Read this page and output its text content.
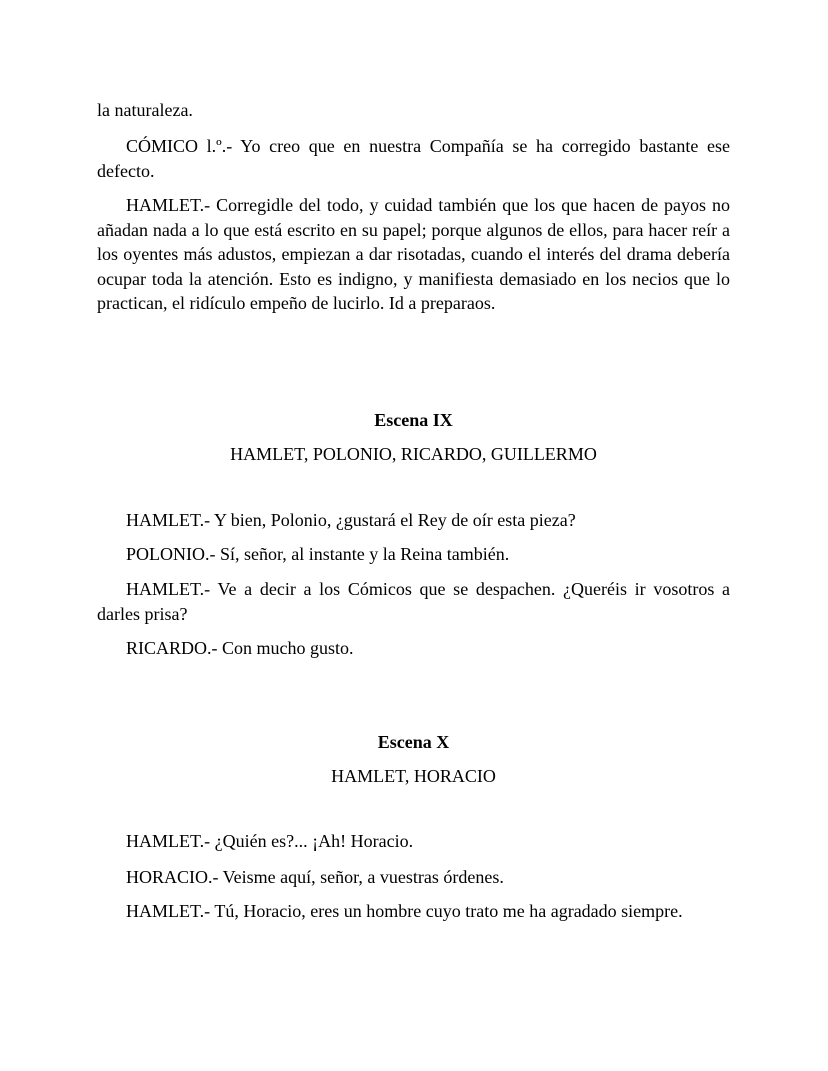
la naturaleza.

CÓMICO l.º.- Yo creo que en nuestra Compañía se ha corregido bastante ese defecto.

HAMLET.- Corregidle del todo, y cuidad también que los que hacen de payos no añadan nada a lo que está escrito en su papel; porque algunos de ellos, para hacer reír a los oyentes más adustos, empiezan a dar risotadas, cuando el interés del drama debería ocupar toda la atención. Esto es indigno, y manifiesta demasiado en los necios que lo practican, el ridículo empeño de lucirlo. Id a preparaos.

Escena IX
HAMLET, POLONIO, RICARDO, GUILLERMO

HAMLET.- Y bien, Polonio, ¿gustará el Rey de oír esta pieza?

POLONIO.- Sí, señor, al instante y la Reina también.

HAMLET.- Ve a decir a los Cómicos que se despachen. ¿Queréis ir vosotros a darles prisa?

RICARDO.- Con mucho gusto.

Escena X
HAMLET, HORACIO

HAMLET.- ¿Quién es?... ¡Ah! Horacio.

HORACIO.- Veisme aquí, señor, a vuestras órdenes.

HAMLET.- Tú, Horacio, eres un hombre cuyo trato me ha agradado siempre.
